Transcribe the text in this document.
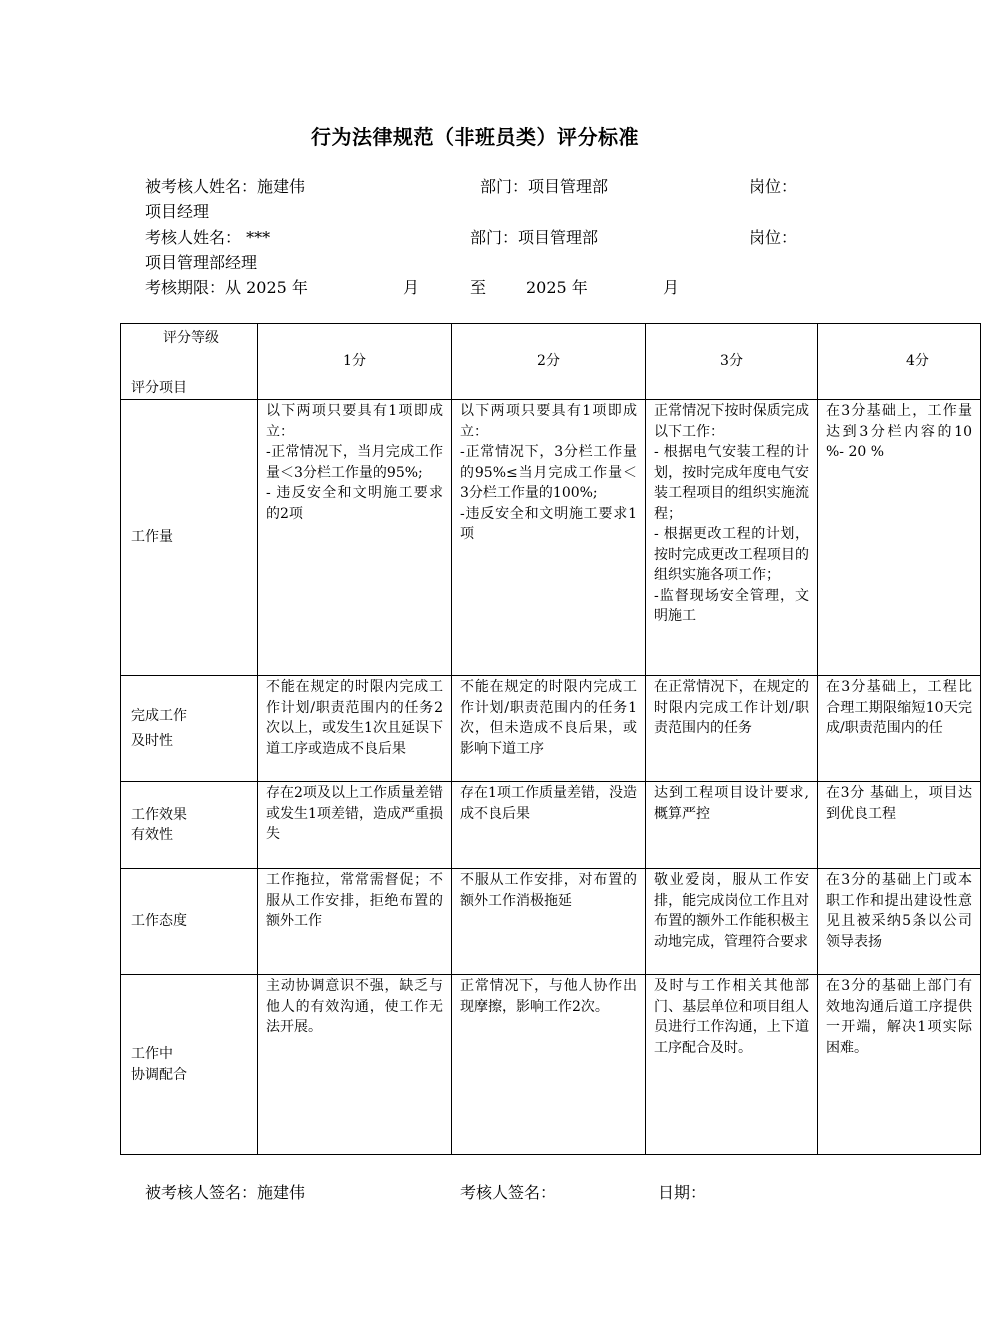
行为法律规范（非班员类）评分标准
被考核人姓名：施建伟	部门：项目管理部	岗位：
项目经理
考核人姓名： ***	部门：项目管理部	岗位：
项目管理部经理
考核期限：从 2025 年	月	至 2025 年	月
评分等级
评分项目	1分	2分	3分	4分
工作量	以下两项只要具有1项即成立：
-正常情况下，当月完成工作量＜3分栏工作量的95%;
- 违反安全和文明施工要求的2项	以下两项只要具有1项即成立：
-正常情况下，3分栏工作量的95%≤当月完成工作量＜3分栏工作量的100%;
-违反安全和文明施工要求1项	正常情况下按时保质完成以下工作：
- 根据电气安装工程的计划，按时完成年度电气安装工程项目的组织实施流程；
- 根据更改工程的计划，按时完成更改工程项目的组织实施各项工作；
-监督现场安全管理，文明施工	在3分基础上，工作量达到3分栏内容的10 %- 20 %
完成工作
及时性	不能在规定的时限内完成工作计划/职责范围内的任务2次以上，或发生1次且延误下道工序或造成不良后果	不能在规定的时限内完成工作计划/职责范围内的任务1次，但未造成不良后果，或影响下道工序	在正常情况下，在规定的时限内完成工作计划/职责范围内的任务	在3分基础上，工程比合理工期限缩短10天完成/职责范围内的任
工作效果
有效性	存在2项及以上工作质量差错或发生1项差错，造成严重损失	存在1项工作质量差错，没造成不良后果	达到工程项目设计要求,概算严控	在3分 基础上，项目达到优良工程
工作态度	工作拖拉，常常需督促；不服从工作安排，拒绝布置的额外工作	不服从工作安排，对布置的额外工作消极拖延	敬业爱岗，服从工作安排，能完成岗位工作且对布置的额外工作能积极主动地完成，管理符合要求	在3分的基础上门或本职工作和提出建设性意见且被采纳5条以公司领导表扬
工作中
协调配合	主动协调意识不强，缺乏与他人的有效沟通，使工作无法开展。	正常情况下，与他人协作出现摩擦，影响工作2次。	及时与工作相关其他部门、基层单位和项目组人员进行工作沟通，上下道工序配合及时。	在3分的基础上部门有效地沟通后道工序提供一开端，解决1项实际困难。
被考核人签名：施建伟	考核人签名：	日期：
